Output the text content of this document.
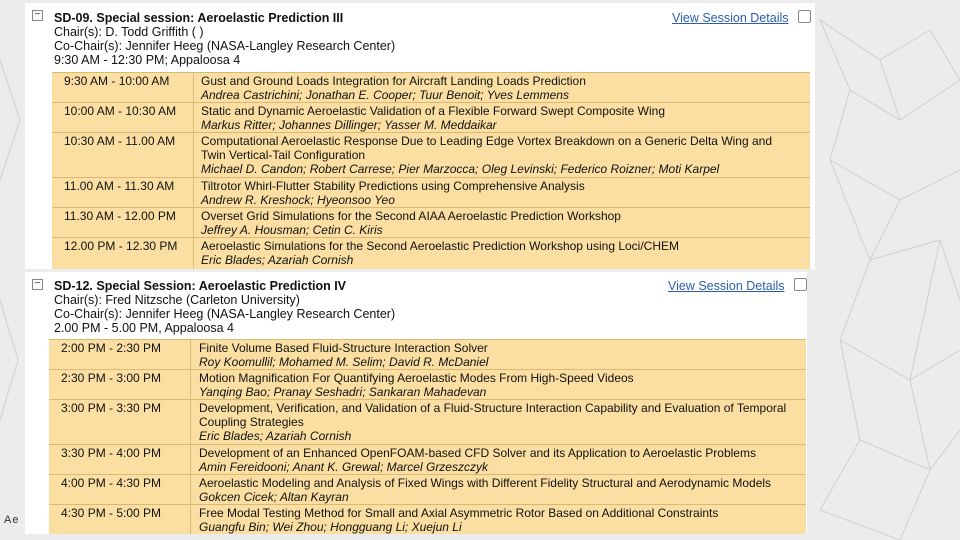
− SD-09. Special session: Aeroelastic Prediction III
Chair(s): D. Todd Griffith ( )
Co-Chair(s): Jennifer Heeg (NASA-Langley Research Center)
9:30 AM - 12:30 PM; Appaloosa 4
View Session Details
9:30 AM - 10:00 AM	Gust and Ground Loads Integration for Aircraft Landing Loads Prediction
Andrea Castrichini; Jonathan E. Cooper; Tuur Benoit; Yves Lemmens
10:00 AM - 10:30 AM Static and Dynamic Aeroelastic Validation of a Flexible Forward Swept Composite Wing
Markus Ritter; Johannes Dillinger; Yasser M. Meddaikar
10:30 AM - 11.00 AM Computational Aeroelastic Response Due to Leading Edge Vortex Breakdown on a Generic Delta Wing and
Twin Vertical-Tail Configuration
Michael D. Candon; Robert Carrese; Pier Marzocca; Oleg Levinski; Federico Roizner; Moti Karpel
11.00 AM - 11.30 AM Tiltrotor Whirl-Flutter Stability Predictions using Comprehensive Analysis
Andrew R. Kreshock; Hyeonsoo Yeo
11.30 AM - 12.00 PM Overset Grid Simulations for the Second AIAA Aeroelastic Prediction Workshop
Jeffrey A. Housman; Cetin C. Kiris
12.00 PM - 12.30 PM Aeroelastic Simulations for the Second Aeroelastic Prediction Workshop using Loci/CHEM
Eric Blades; Azariah Cornish
− SD-12. Special Session: Aeroelastic Prediction IV
Chair(s): Fred Nitzsche (Carleton University)
Co-Chair(s): Jennifer Heeg (NASA-Langley Research Center)
2.00 PM - 5.00 PM, Appaloosa 4
View Session Details
2:00 PM - 2:30 PM	Finite Volume Based Fluid-Structure Interaction Solver
Roy Koomullil; Mohamed M. Selim; David R. McDaniel
2:30 PM - 3:00 PM	Motion Magnification For Quantifying Aeroelastic Modes From High-Speed Videos
Yanqing Bao; Pranay Seshadri; Sankaran Mahadevan
3:00 PM - 3:30 PM	Development, Verification, and Validation of a Fluid-Structure Interaction Capability and Evaluation of Temporal
Coupling Strategies
Eric Blades; Azariah Cornish
3:30 PM - 4:00 PM	Development of an Enhanced OpenFOAM-based CFD Solver and its Application to Aeroelastic Problems
Amin Fereidooni; Anant K. Grewal; Marcel Grzeszczyk
4:00 PM - 4:30 PM	Aeroelastic Modeling and Analysis of Fixed Wings with Different Fidelity Structural and Aerodynamic Models
Gokcen Cicek; Altan Kayran
4:30 PM - 5:00 PM	Free Modal Testing Method for Small and Axial Asymmetric Rotor Based on Additional Constraints
Guangfu Bin; Wei Zhou; Hongguang Li; Xuejun Li
Ae
